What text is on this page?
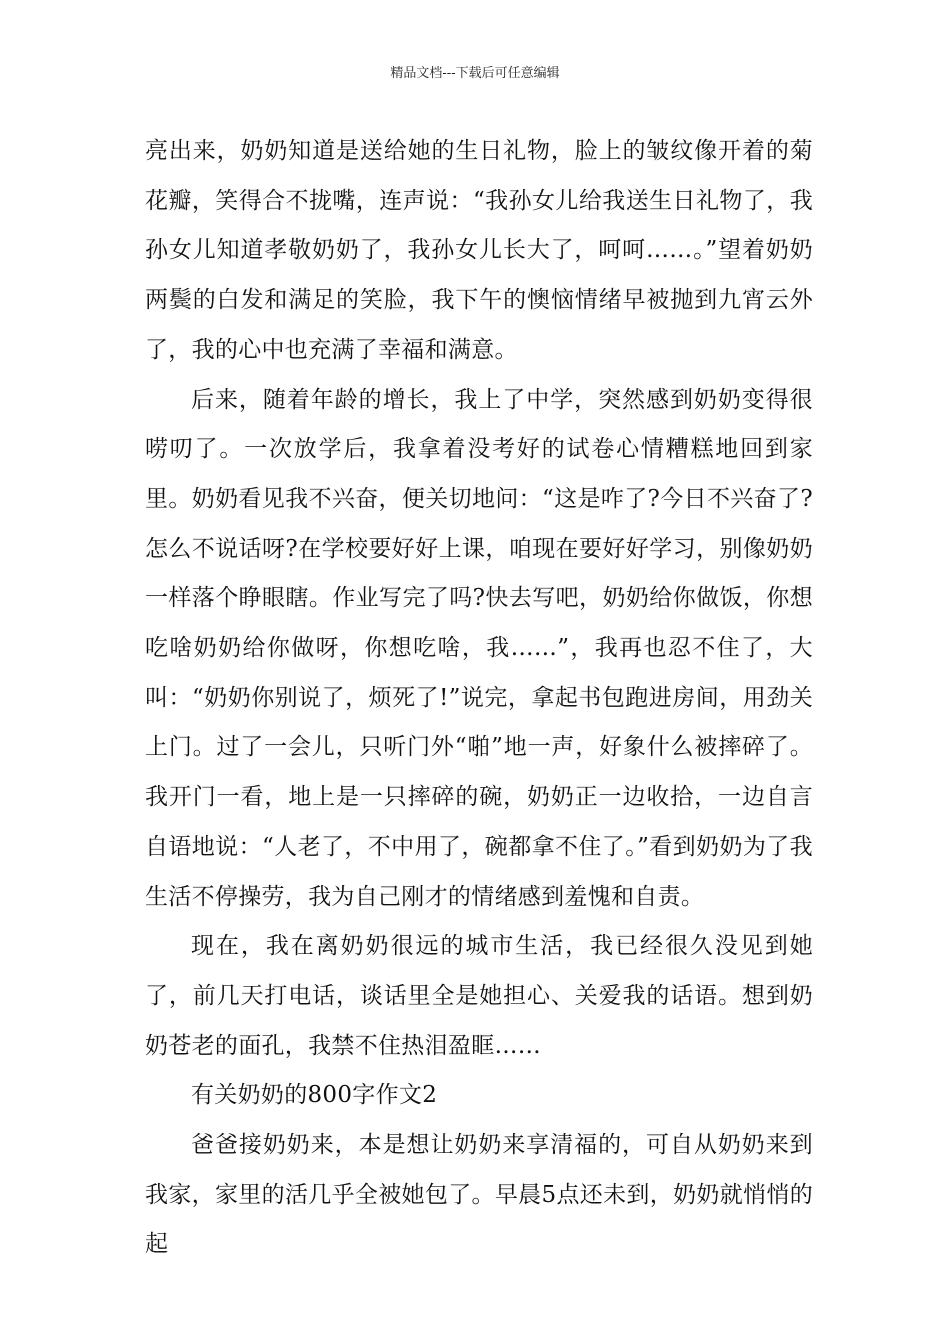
精品文档---下载后可任意编辑

亮出来，奶奶知道是送给她的生日礼物，脸上的皱纹像开着的菊花瓣，笑得合不拢嘴，连声说：“我孙女儿给我送生日礼物了，我孙女儿知道孝敬奶奶了，我孙女儿长大了，呵呵……。”望着奶奶两鬓的白发和满足的笑脸，我下午的懊恼情绪早被抛到九宵云外了，我的心中也充满了幸福和满意。

后来，随着年龄的增长，我上了中学，突然感到奶奶变得很唠叨了。一次放学后，我拿着没考好的试卷心情糟糕地回到家里。奶奶看见我不兴奋，便关切地问：“这是咋了?今日不兴奋了?怎么不说话呀?在学校要好好上课，咱现在要好好学习，别像奶奶一样落个睁眼瞎。作业写完了吗?快去写吧，奶奶给你做饭，你想吃啥奶奶给你做呀，你想吃啥，我……”，我再也忍不住了，大叫：“奶奶你别说了，烦死了!”说完，拿起书包跑进房间，用劲关上门。过了一会儿，只听门外“啪”地一声，好象什么被摔碎了。我开门一看，地上是一只摔碎的碗，奶奶正一边收拾，一边自言自语地说：“人老了，不中用了，碗都拿不住了。”看到奶奶为了我生活不停操劳，我为自己刚才的情绪感到羞愧和自责。

现在，我在离奶奶很远的城市生活，我已经很久没见到她了，前几天打电话，谈话里全是她担心、关爱我的话语。想到奶奶苍老的面孔，我禁不住热泪盈眶……

有关奶奶的800字作文2

爸爸接奶奶来，本是想让奶奶来享清福的，可自从奶奶来到我家，家里的活几乎全被她包了。早晨5点还未到，奶奶就悄悄的起
